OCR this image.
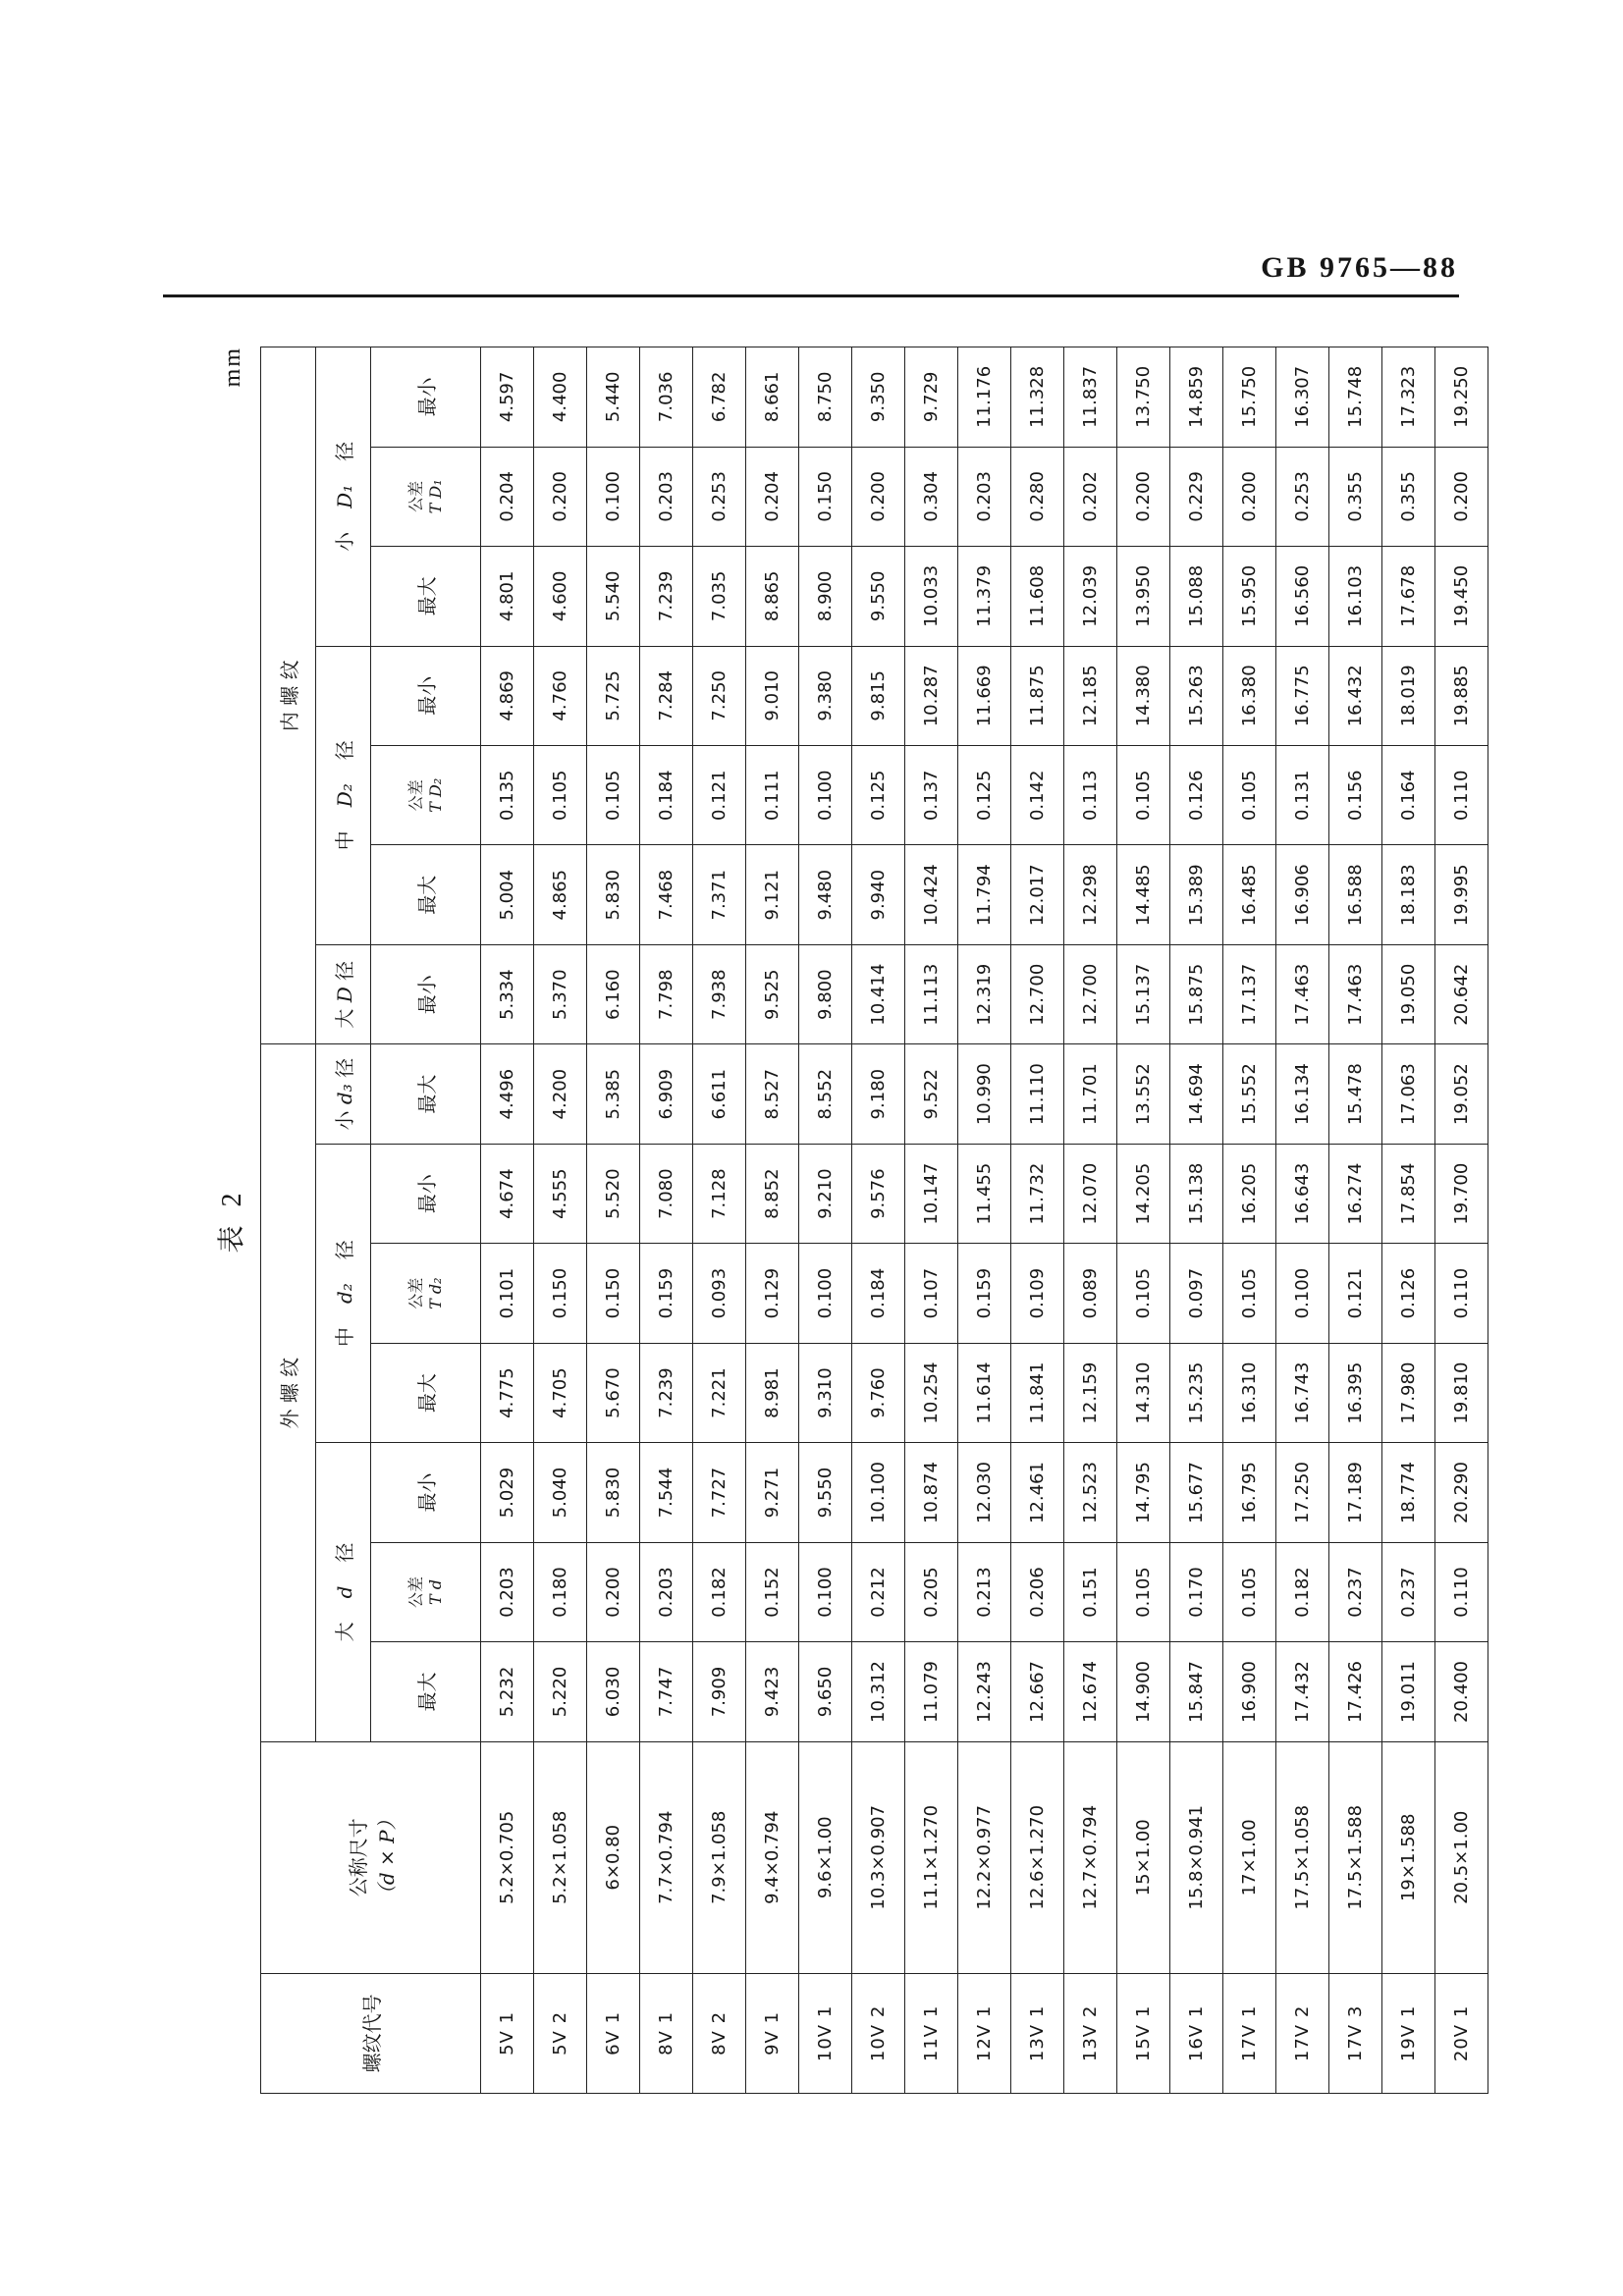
GB 9765—88
表 2
mm
螺纹代号	公称尺寸 （d × P）	外 螺 纹							内 螺 纹						
		大d径			中d₂径			小 d₃ 径	大 D 径	中D₂径			小D₁径		
		最大	公差 T d	最小	最大	公差 T d₂	最小	最大	最小	最大	公差 T D₂	最小	最大	公差 T D₁	最小
5V 1	5.2×0.705	5.232	0.203	5.029	4.775	0.101	4.674	4.496	5.334	5.004	0.135	4.869	4.801	0.204	4.597
5V 2	5.2×1.058	5.220	0.180	5.040	4.705	0.150	4.555	4.200	5.370	4.865	0.105	4.760	4.600	0.200	4.400
6V 1	6×0.80	6.030	0.200	5.830	5.670	0.150	5.520	5.385	6.160	5.830	0.105	5.725	5.540	0.100	5.440
8V 1	7.7×0.794	7.747	0.203	7.544	7.239	0.159	7.080	6.909	7.798	7.468	0.184	7.284	7.239	0.203	7.036
8V 2	7.9×1.058	7.909	0.182	7.727	7.221	0.093	7.128	6.611	7.938	7.371	0.121	7.250	7.035	0.253	6.782
9V 1	9.4×0.794	9.423	0.152	9.271	8.981	0.129	8.852	8.527	9.525	9.121	0.111	9.010	8.865	0.204	8.661
10V 1	9.6×1.00	9.650	0.100	9.550	9.310	0.100	9.210	8.552	9.800	9.480	0.100	9.380	8.900	0.150	8.750
10V 2	10.3×0.907	10.312	0.212	10.100	9.760	0.184	9.576	9.180	10.414	9.940	0.125	9.815	9.550	0.200	9.350
11V 1	11.1×1.270	11.079	0.205	10.874	10.254	0.107	10.147	9.522	11.113	10.424	0.137	10.287	10.033	0.304	9.729
12V 1	12.2×0.977	12.243	0.213	12.030	11.614	0.159	11.455	10.990	12.319	11.794	0.125	11.669	11.379	0.203	11.176
13V 1	12.6×1.270	12.667	0.206	12.461	11.841	0.109	11.732	11.110	12.700	12.017	0.142	11.875	11.608	0.280	11.328
13V 2	12.7×0.794	12.674	0.151	12.523	12.159	0.089	12.070	11.701	12.700	12.298	0.113	12.185	12.039	0.202	11.837
15V 1	15×1.00	14.900	0.105	14.795	14.310	0.105	14.205	13.552	15.137	14.485	0.105	14.380	13.950	0.200	13.750
16V 1	15.8×0.941	15.847	0.170	15.677	15.235	0.097	15.138	14.694	15.875	15.389	0.126	15.263	15.088	0.229	14.859
17V 1	17×1.00	16.900	0.105	16.795	16.310	0.105	16.205	15.552	17.137	16.485	0.105	16.380	15.950	0.200	15.750
17V 2	17.5×1.058	17.432	0.182	17.250	16.743	0.100	16.643	16.134	17.463	16.906	0.131	16.775	16.560	0.253	16.307
17V 3	17.5×1.588	17.426	0.237	17.189	16.395	0.121	16.274	15.478	17.463	16.588	0.156	16.432	16.103	0.355	15.748
19V 1	19×1.588	19.011	0.237	18.774	17.980	0.126	17.854	17.063	19.050	18.183	0.164	18.019	17.678	0.355	17.323
20V 1	20.5×1.00	20.400	0.110	20.290	19.810	0.110	19.700	19.052	20.642	19.995	0.110	19.885	19.450	0.200	19.250
